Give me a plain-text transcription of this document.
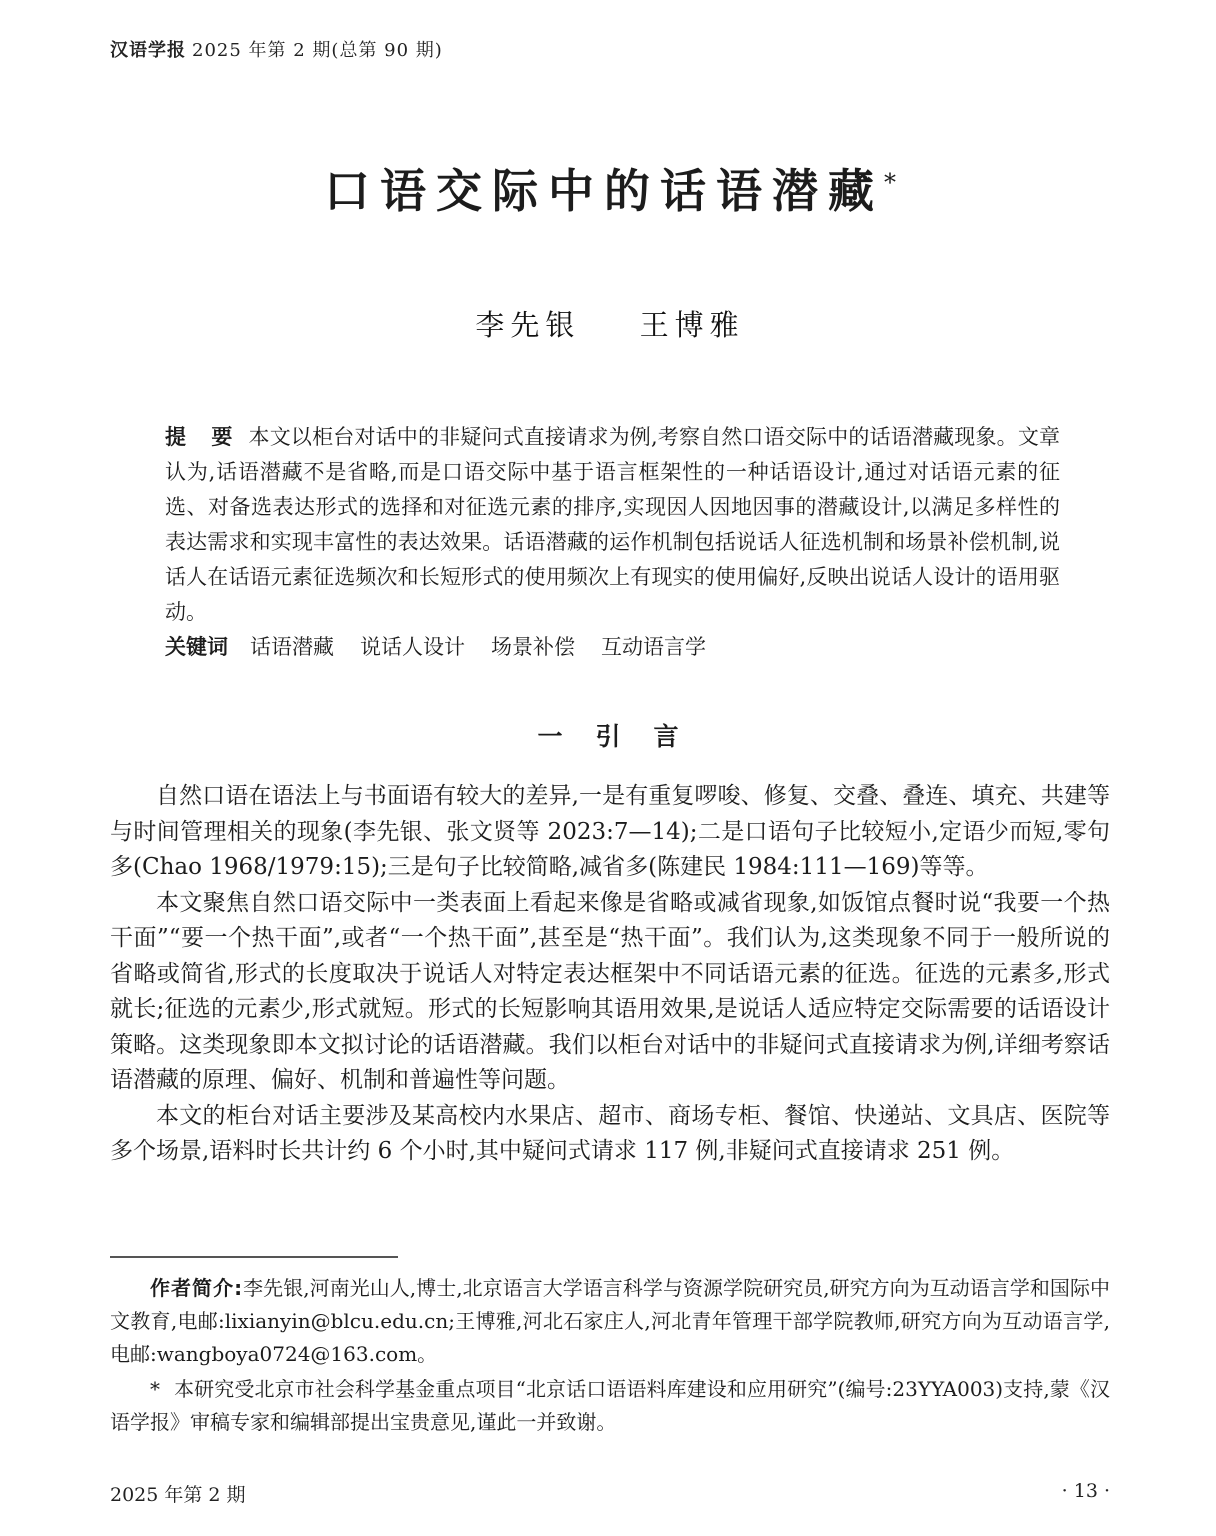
汉语学报 2025 年第 2 期(总第 90 期)
口语交际中的话语潜藏*
李先银 王博雅

提　要 本文以柜台对话中的非疑问式直接请求为例,考察自然口语交际中的话语潜藏现象。文章认为,话语潜藏不是省略,而是口语交际中基于语言框架性的一种话语设计,通过对话语元素的征选、对备选表达形式的选择和对征选元素的排序,实现因人因地因事的潜藏设计,以满足多样性的表达需求和实现丰富性的表达效果。话语潜藏的运作机制包括说话人征选机制和场景补偿机制,说话人在话语元素征选频次和长短形式的使用频次上有现实的使用偏好,反映出说话人设计的语用驱动。

关键词 话语潜藏 说话人设计 场景补偿 互动语言学

一　引　言

自然口语在语法上与书面语有较大的差异,一是有重复啰唆、修复、交叠、叠连、填充、共建等与时间管理相关的现象(李先银、张文贤等 2023:7—14);二是口语句子比较短小,定语少而短,零句多(Chao 1968/1979:15);三是句子比较简略,减省多(陈建民 1984:111—169)等等。

本文聚焦自然口语交际中一类表面上看起来像是省略或减省现象,如饭馆点餐时说“我要一个热干面”“要一个热干面”,或者“一个热干面”,甚至是“热干面”。我们认为,这类现象不同于一般所说的省略或简省,形式的长度取决于说话人对特定表达框架中不同话语元素的征选。征选的元素多,形式就长;征选的元素少,形式就短。形式的长短影响其语用效果,是说话人适应特定交际需要的话语设计策略。这类现象即本文拟讨论的话语潜藏。我们以柜台对话中的非疑问式直接请求为例,详细考察话语潜藏的原理、偏好、机制和普遍性等问题。

本文的柜台对话主要涉及某高校内水果店、超市、商场专柜、餐馆、快递站、文具店、医院等多个场景,语料时长共计约 6 个小时,其中疑问式请求 117 例,非疑问式直接请求 251 例。

作者简介:李先银,河南光山人,博士,北京语言大学语言科学与资源学院研究员,研究方向为互动语言学和国际中文教育,电邮:lixianyin@blcu.edu.cn;王博雅,河北石家庄人,河北青年管理干部学院教师,研究方向为互动语言学,电邮:wangboya0724@163.com。

* 本研究受北京市社会科学基金重点项目“北京话口语语料库建设和应用研究”(编号:23YYA003)支持,蒙《汉语学报》审稿专家和编辑部提出宝贵意见,谨此一并致谢。

2025 年第 2 期	· 13 ·
